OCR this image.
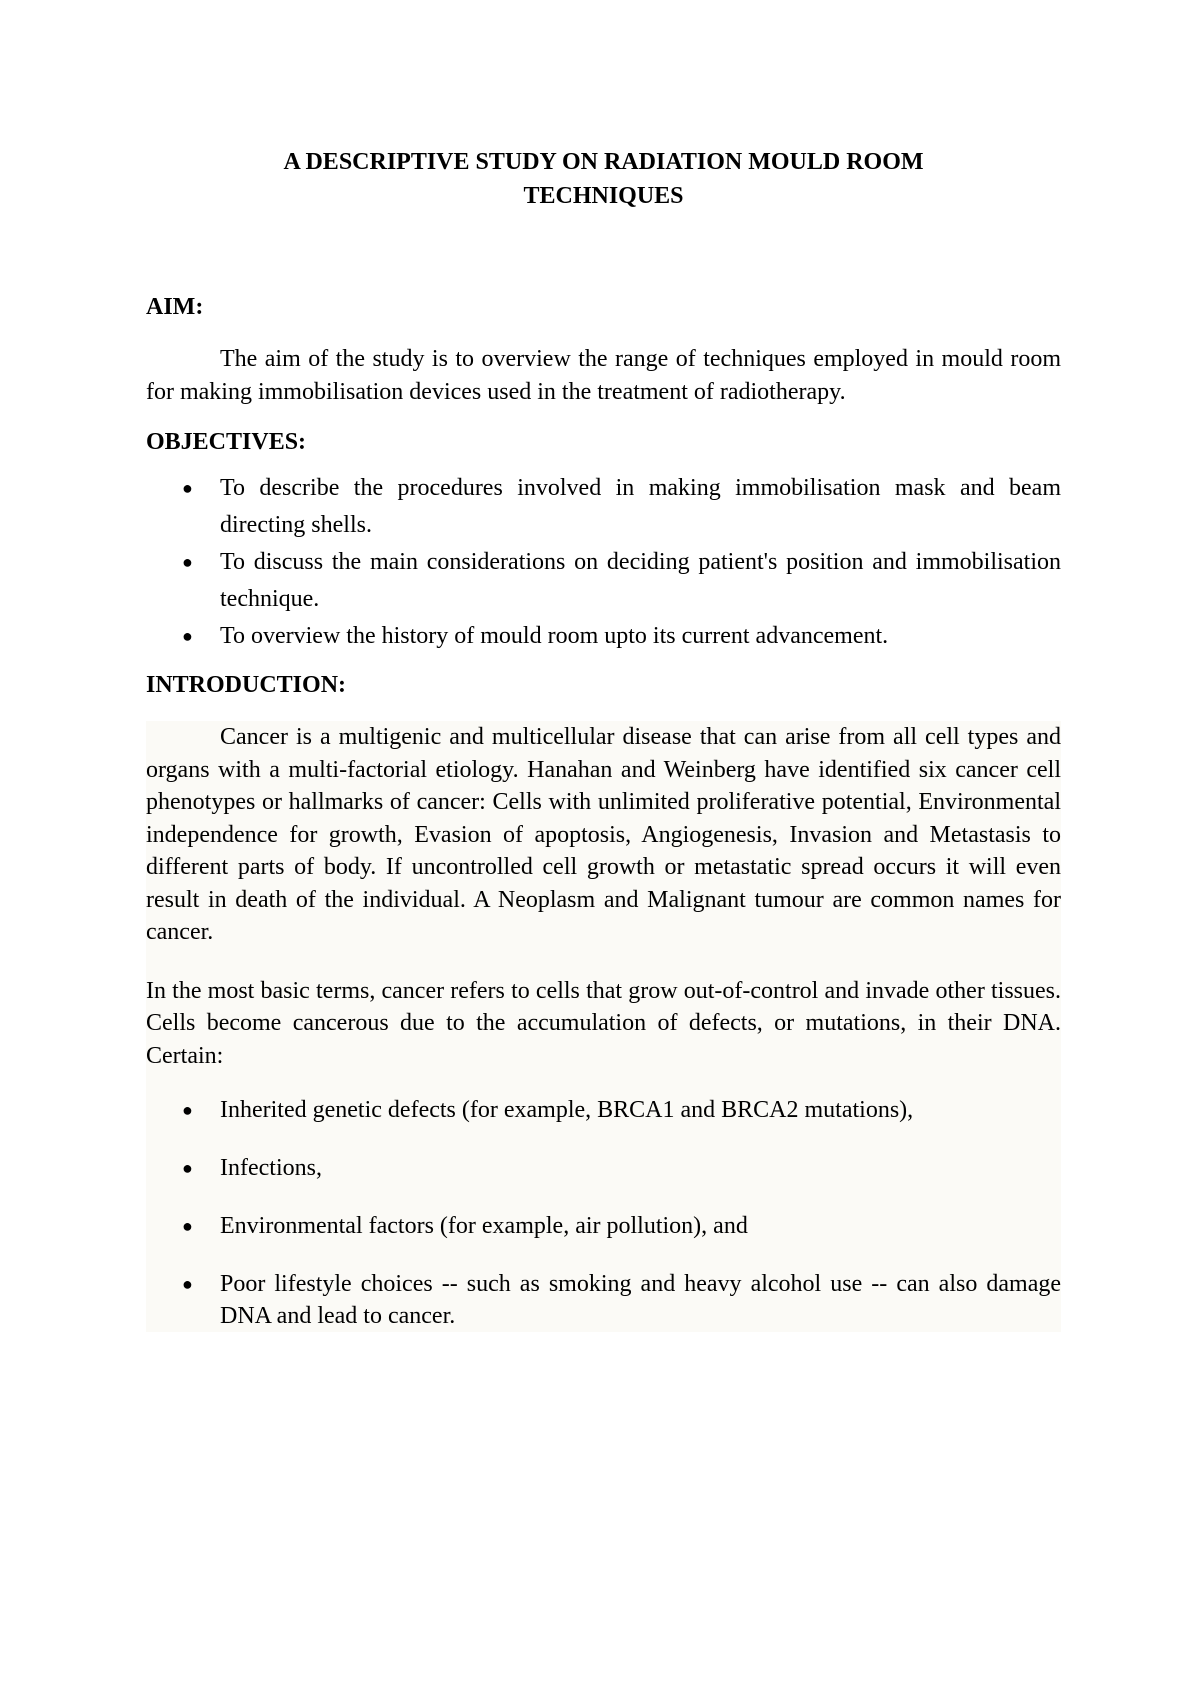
A DESCRIPTIVE STUDY ON RADIATION MOULD ROOM
TECHNIQUES
AIM:

The aim of the study is to overview the range of techniques employed in mould room for making immobilisation devices used in the treatment of radiotherapy.

OBJECTIVES:
● To describe the procedures involved in making immobilisation mask and beam directing shells.
● To discuss the main considerations on deciding patient's position and immobilisation technique.
● To overview the history of mould room upto its current advancement.
INTRODUCTION:

Cancer is a multigenic and multicellular disease that can arise from all cell types and organs with a multi-factorial etiology. Hanahan and Weinberg have identified six cancer cell phenotypes or hallmarks of cancer: Cells with unlimited proliferative potential, Environmental independence for growth, Evasion of apoptosis, Angiogenesis, Invasion and Metastasis to different parts of body. If uncontrolled cell growth or metastatic spread occurs it will even result in death of the individual. A Neoplasm and Malignant tumour are common names for cancer.

In the most basic terms, cancer refers to cells that grow out-of-control and invade other tissues. Cells become cancerous due to the accumulation of defects, or mutations, in their DNA. Certain:

● Inherited genetic defects (for example, BRCA1 and BRCA2 mutations),
● Infections,
● Environmental factors (for example, air pollution), and
● Poor lifestyle choices -- such as smoking and heavy alcohol use -- can also damage DNA and lead to cancer.
